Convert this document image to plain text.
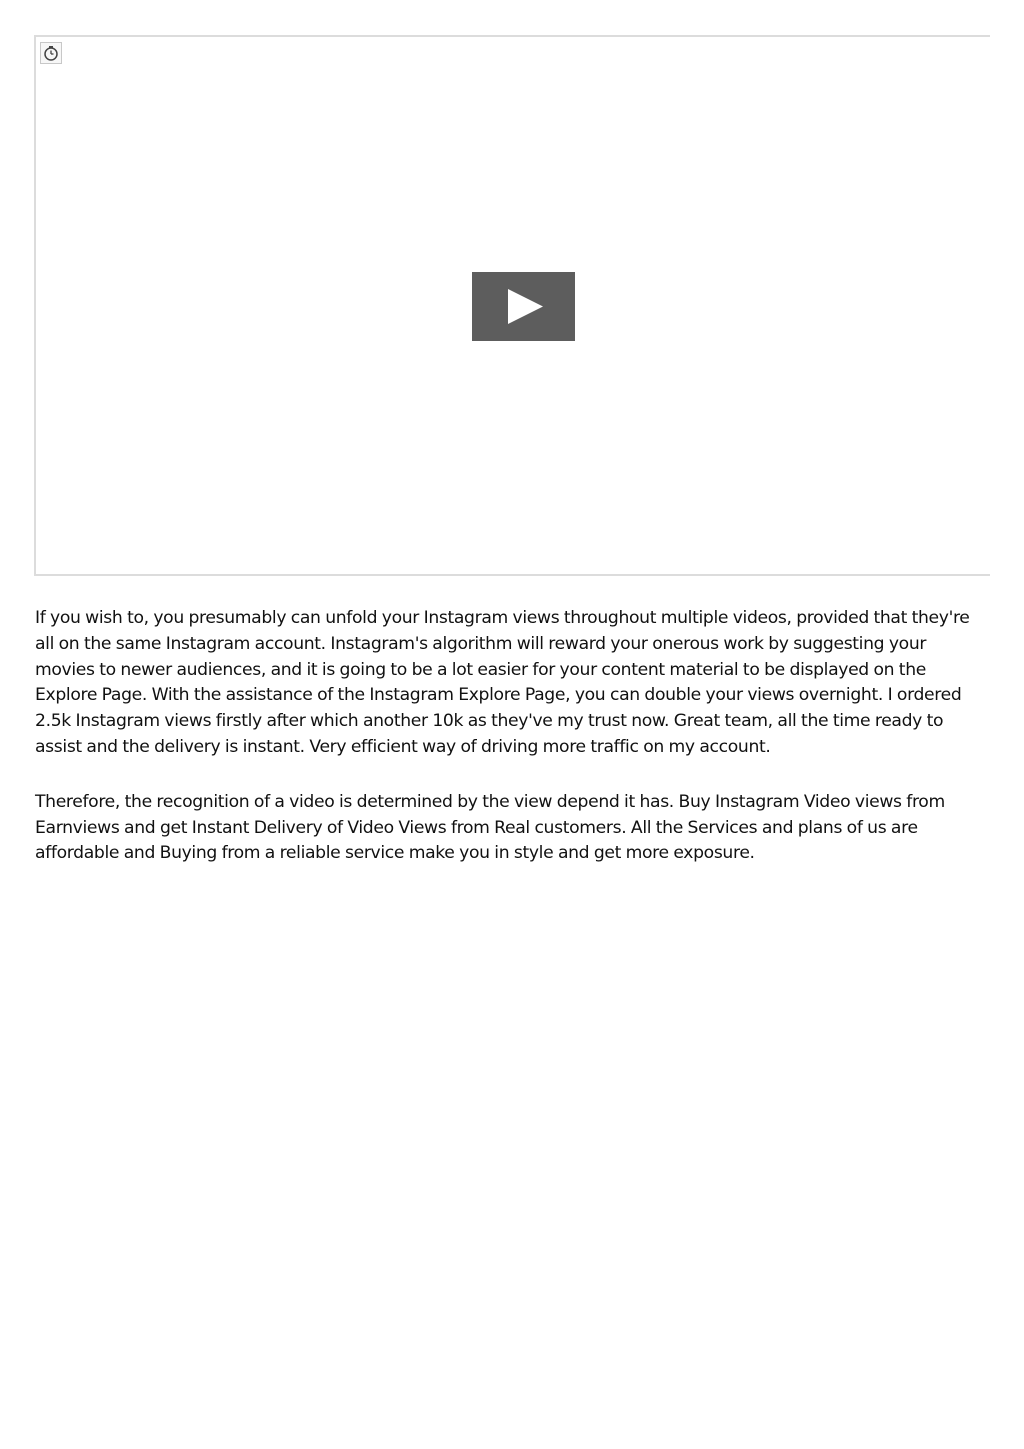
If you wish to, you presumably can unfold your Instagram views throughout multiple videos, provided that they're all on the same Instagram account. Instagram's algorithm will reward your onerous work by suggesting your movies to newer audiences, and it is going to be a lot easier for your content material to be displayed on the Explore Page. With the assistance of the Instagram Explore Page, you can double your views overnight. I ordered 2.5k Instagram views firstly after which another 10k as they've my trust now. Great team, all the time ready to assist and the delivery is instant. Very efficient way of driving more traffic on my account.

Therefore, the recognition of a video is determined by the view depend it has. Buy Instagram Video views from Earnviews and get Instant Delivery of Video Views from Real customers. All the Services and plans of us are affordable and Buying from a reliable service make you in style and get more exposure.
